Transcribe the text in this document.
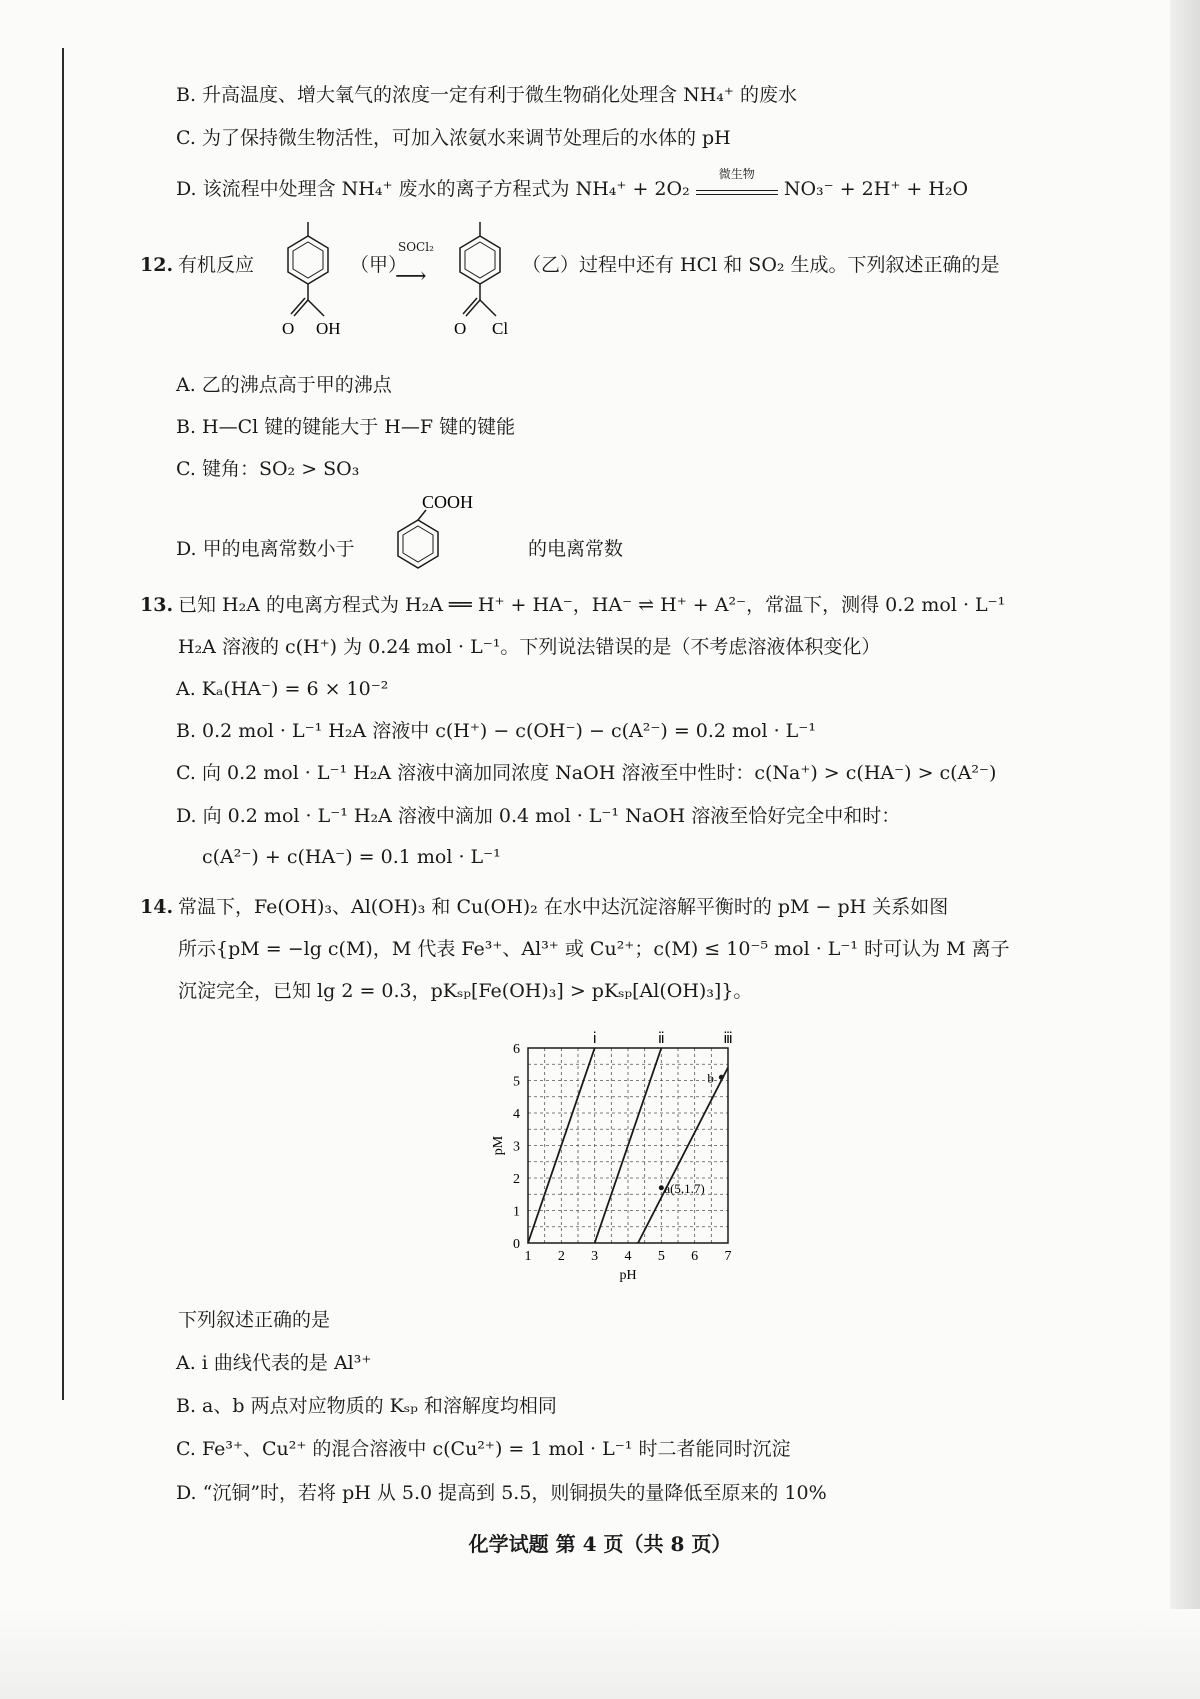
B. 升高温度、增大氧气的浓度一定有利于微生物硝化处理含 NH₄⁺ 的废水
C. 为了保持微生物活性，可加入浓氨水来调节处理后的水体的 pH
D. 该流程中处理含 NH₄⁺ 废水的离子方程式为 NH₄⁺ + 2O₂
微生物
NO₃⁻ + 2H⁺ + H₂O
12. 有机反应
O OH
（甲）
SOCl₂
⟶
O Cl
（乙）过程中还有 HCl 和 SO₂ 生成。下列叙述正确的是
A. 乙的沸点高于甲的沸点
B. H—Cl 键的键能大于 H—F 键的键能
C. 键角：SO₂ > SO₃
D. 甲的电离常数小于
COOH
的电离常数
13. 已知 H₂A 的电离方程式为 H₂A ══ H⁺ + HA⁻，HA⁻ ⇌ H⁺ + A²⁻，常温下，测得 0.2 mol · L⁻¹
H₂A 溶液的 c(H⁺) 为 0.24 mol · L⁻¹。下列说法错误的是（不考虑溶液体积变化）
A. Kₐ(HA⁻) = 6 × 10⁻²
B. 0.2 mol · L⁻¹ H₂A 溶液中 c(H⁺) − c(OH⁻) − c(A²⁻) = 0.2 mol · L⁻¹
C. 向 0.2 mol · L⁻¹ H₂A 溶液中滴加同浓度 NaOH 溶液至中性时：c(Na⁺) > c(HA⁻) > c(A²⁻)
D. 向 0.2 mol · L⁻¹ H₂A 溶液中滴加 0.4 mol · L⁻¹ NaOH 溶液至恰好完全中和时：
c(A²⁻) + c(HA⁻) = 0.1 mol · L⁻¹
14. 常温下，Fe(OH)₃、Al(OH)₃ 和 Cu(OH)₂ 在水中达沉淀溶解平衡时的 pM − pH 关系如图
所示{pM = −lg c(M)，M 代表 Fe³⁺、Al³⁺ 或 Cu²⁺；c(M) ≤ 10⁻⁵ mol · L⁻¹ 时可认为 M 离子
沉淀完全，已知 lg 2 = 0.3，pKₛₚ[Fe(OH)₃] > pKₛₚ[Al(OH)₃]}。
1 2 3 4 5 6 7
0
1
2
3
4
5
6
pH
pM
ⅰ	ⅱ	ⅲ
a(5,1.7)
b
下列叙述正确的是
A. ⅰ 曲线代表的是 Al³⁺
B. a、b 两点对应物质的 Kₛₚ 和溶解度均相同
C. Fe³⁺、Cu²⁺ 的混合溶液中 c(Cu²⁺) = 1 mol · L⁻¹ 时二者能同时沉淀
D. “沉铜”时，若将 pH 从 5.0 提高到 5.5，则铜损失的量降低至原来的 10%
化学试题 第 4 页（共 8 页）
